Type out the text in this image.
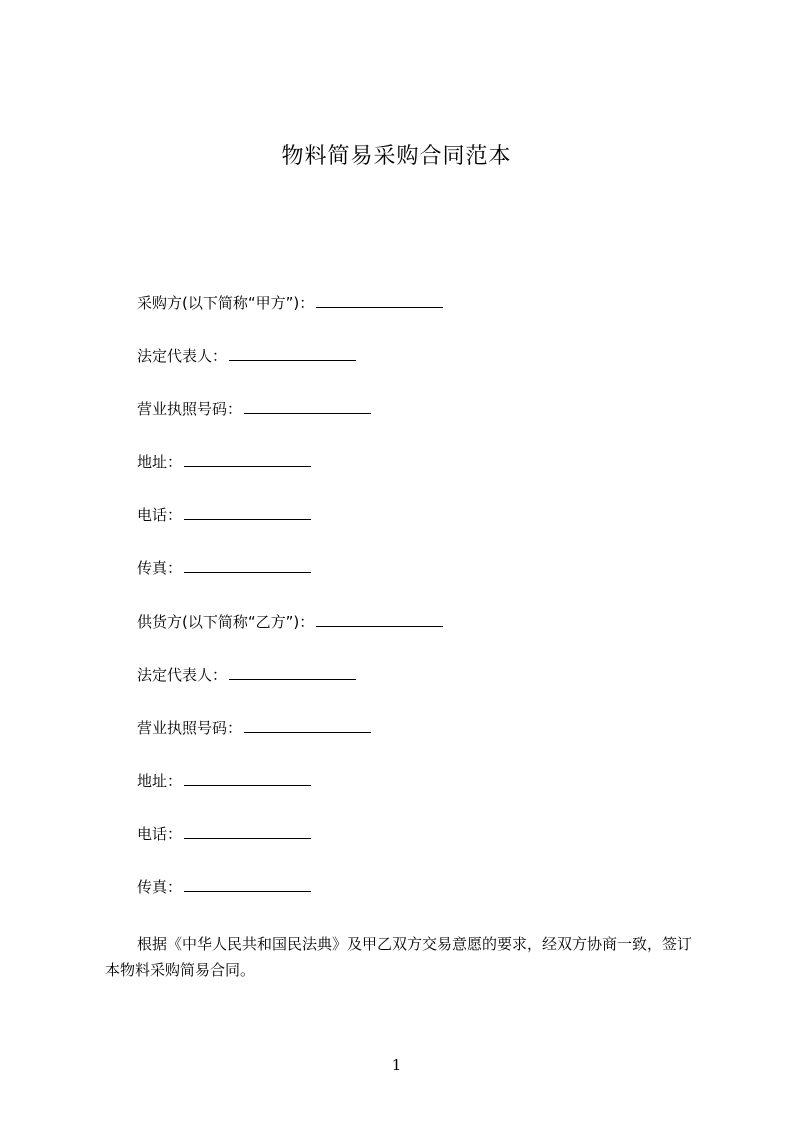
物料简易采购合同范本
采购方(以下简称“甲方”)：
法定代表人：
营业执照号码：
地址：
电话：
传真：
供货方(以下简称“乙方”)：
法定代表人：
营业执照号码：
地址：
电话：
传真：
根据《中华人民共和国民法典》及甲乙双方交易意愿的要求，经双方协商一致，签订本物料采购简易合同。
1
